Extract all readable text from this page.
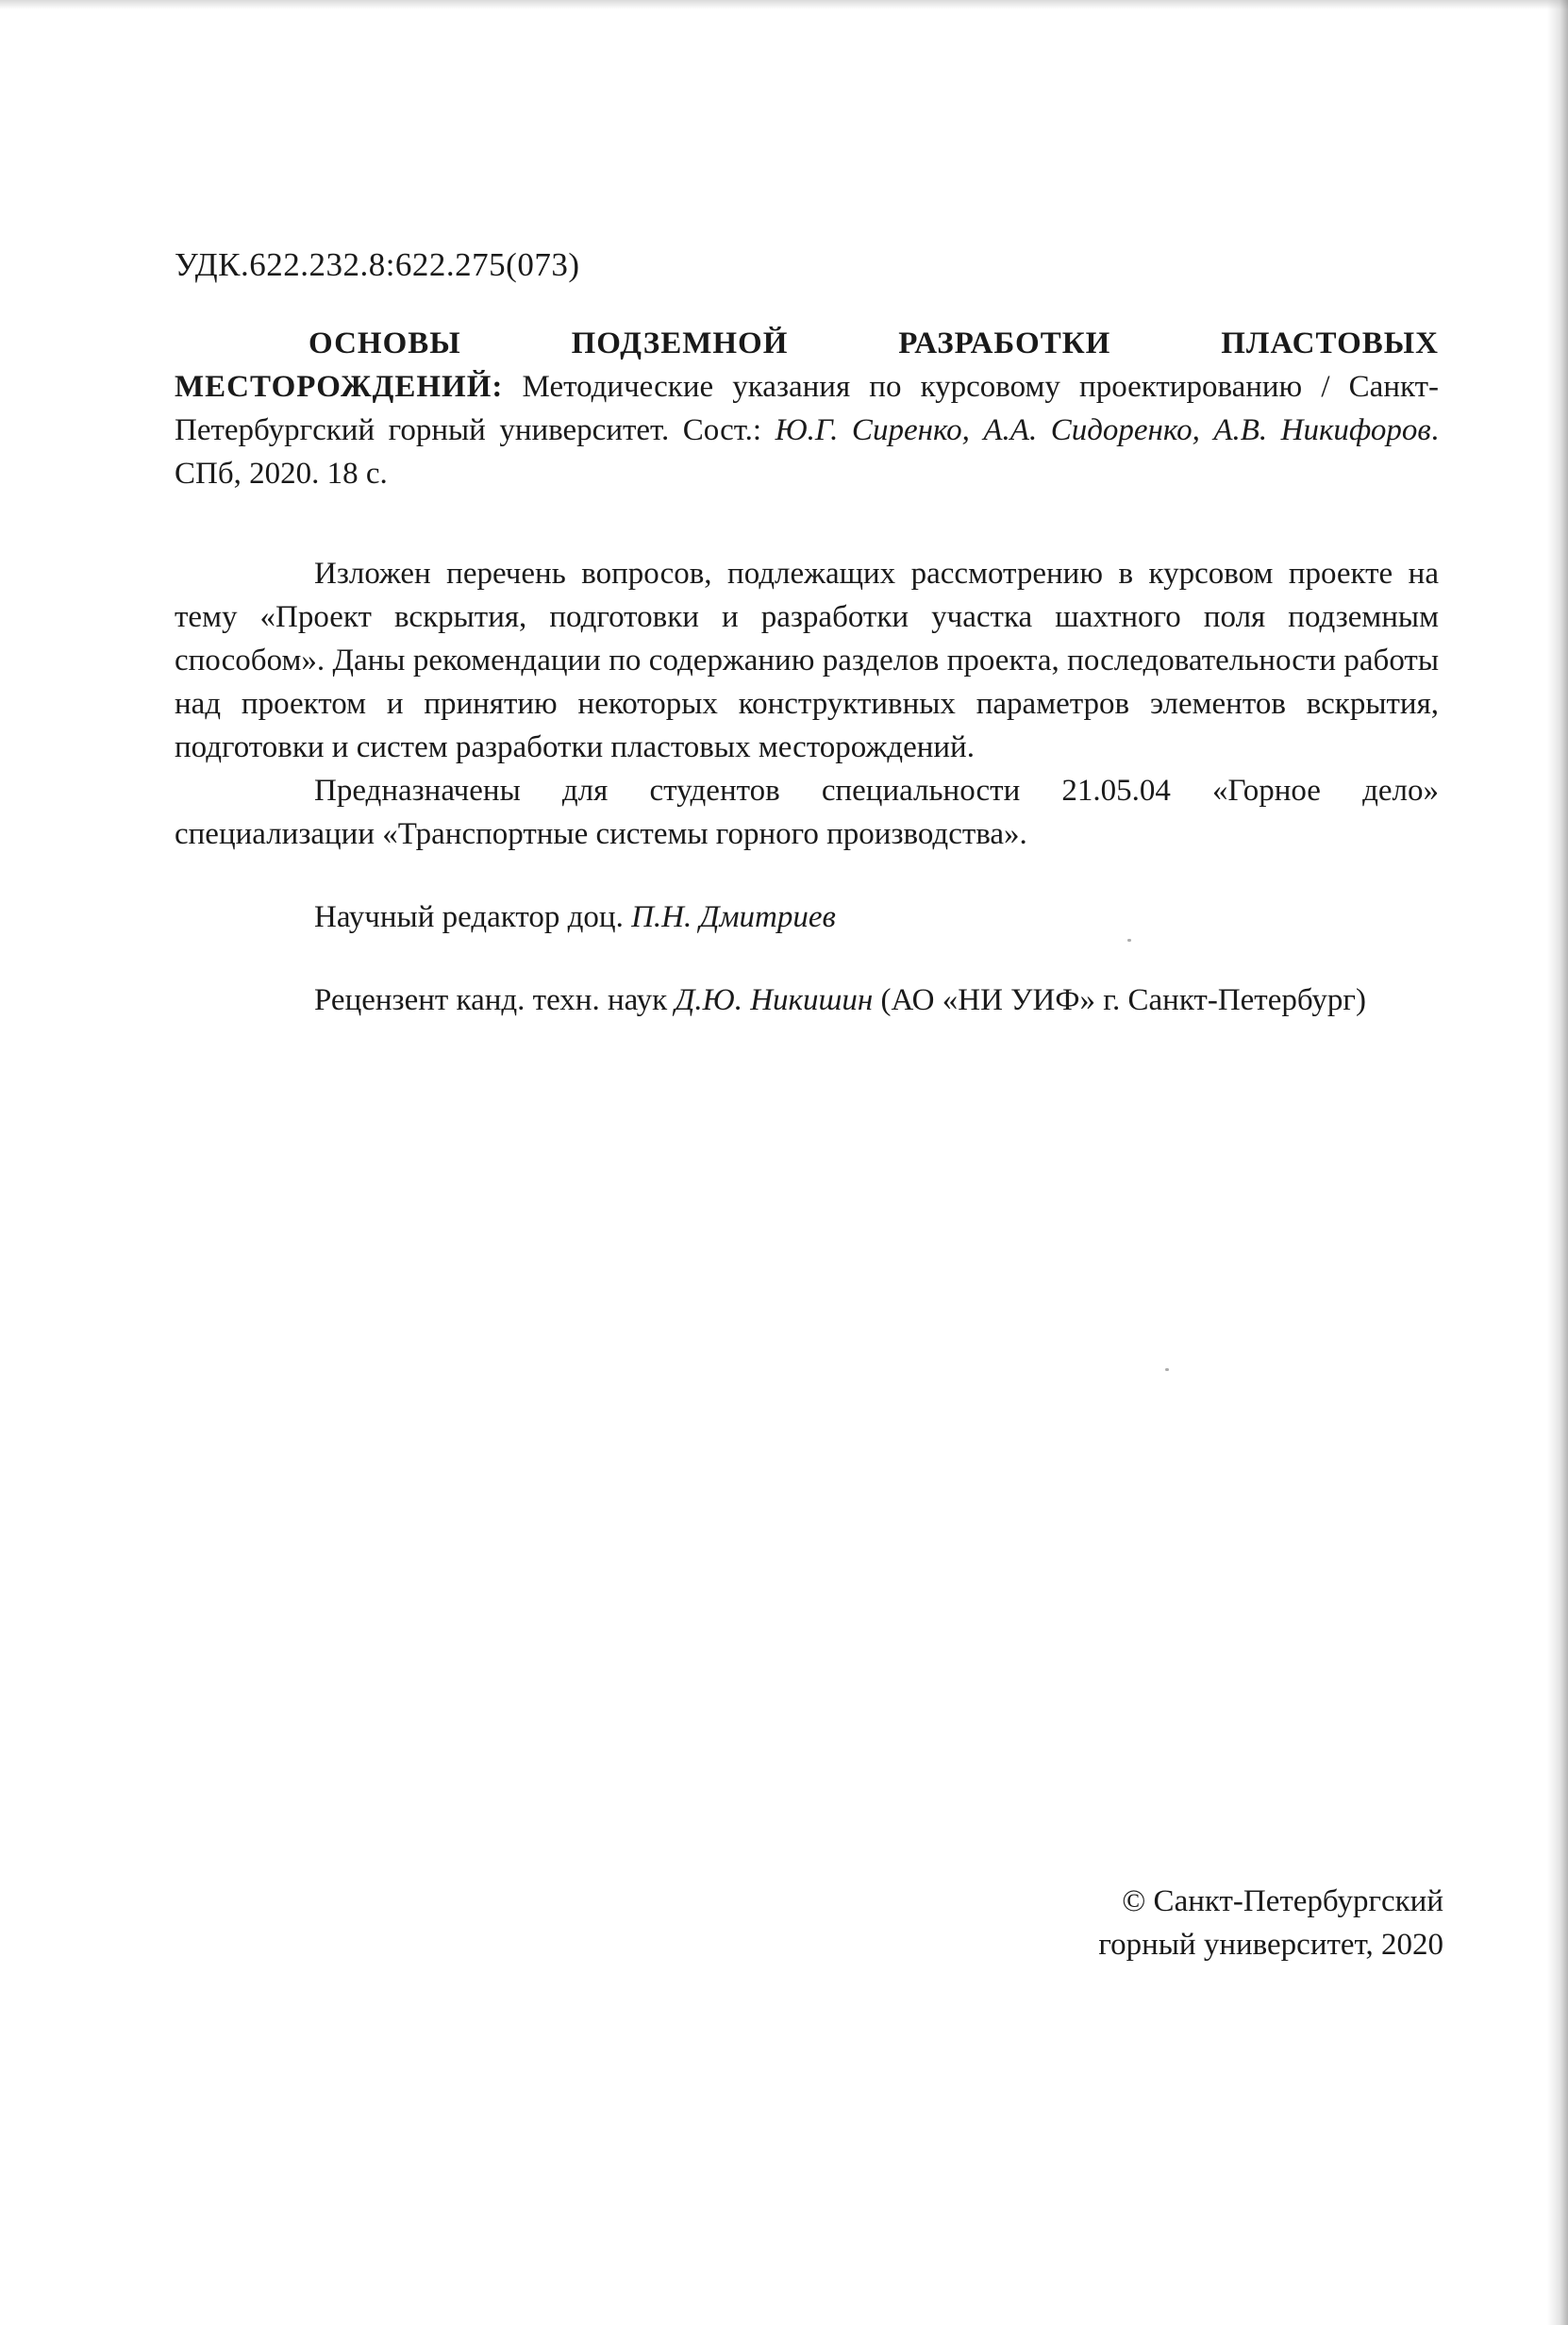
УДК.622.232.8:622.275(073)

ОСНОВЫ ПОДЗЕМНОЙ РАЗРАБОТКИ ПЛАСТОВЫХ МЕСТОРОЖДЕНИЙ: Методические указания по курсовому проектированию / Санкт-Петербургский горный университет. Сост.: Ю.Г. Сиренко, А.А. Сидоренко, А.В. Никифоров. СПб, 2020. 18 с.

Изложен перечень вопросов, подлежащих рассмотрению в курсовом проекте на тему «Проект вскрытия, подготовки и разработки участка шахтного поля подземным способом». Даны рекомендации по содержанию разделов проекта, последовательности работы над проектом и принятию некоторых конструктивных параметров элементов вскрытия, подготовки и систем разработки пластовых месторождений.

Предназначены для студентов специальности 21.05.04 «Горное дело» специализации «Транспортные системы горного производства».

Научный редактор доц. П.Н. Дмитриев

Рецензент канд. техн. наук Д.Ю. Никишин (АО «НИ УИФ» г. Санкт-Петербург)

© Санкт-Петербургский
горный университет, 2020
